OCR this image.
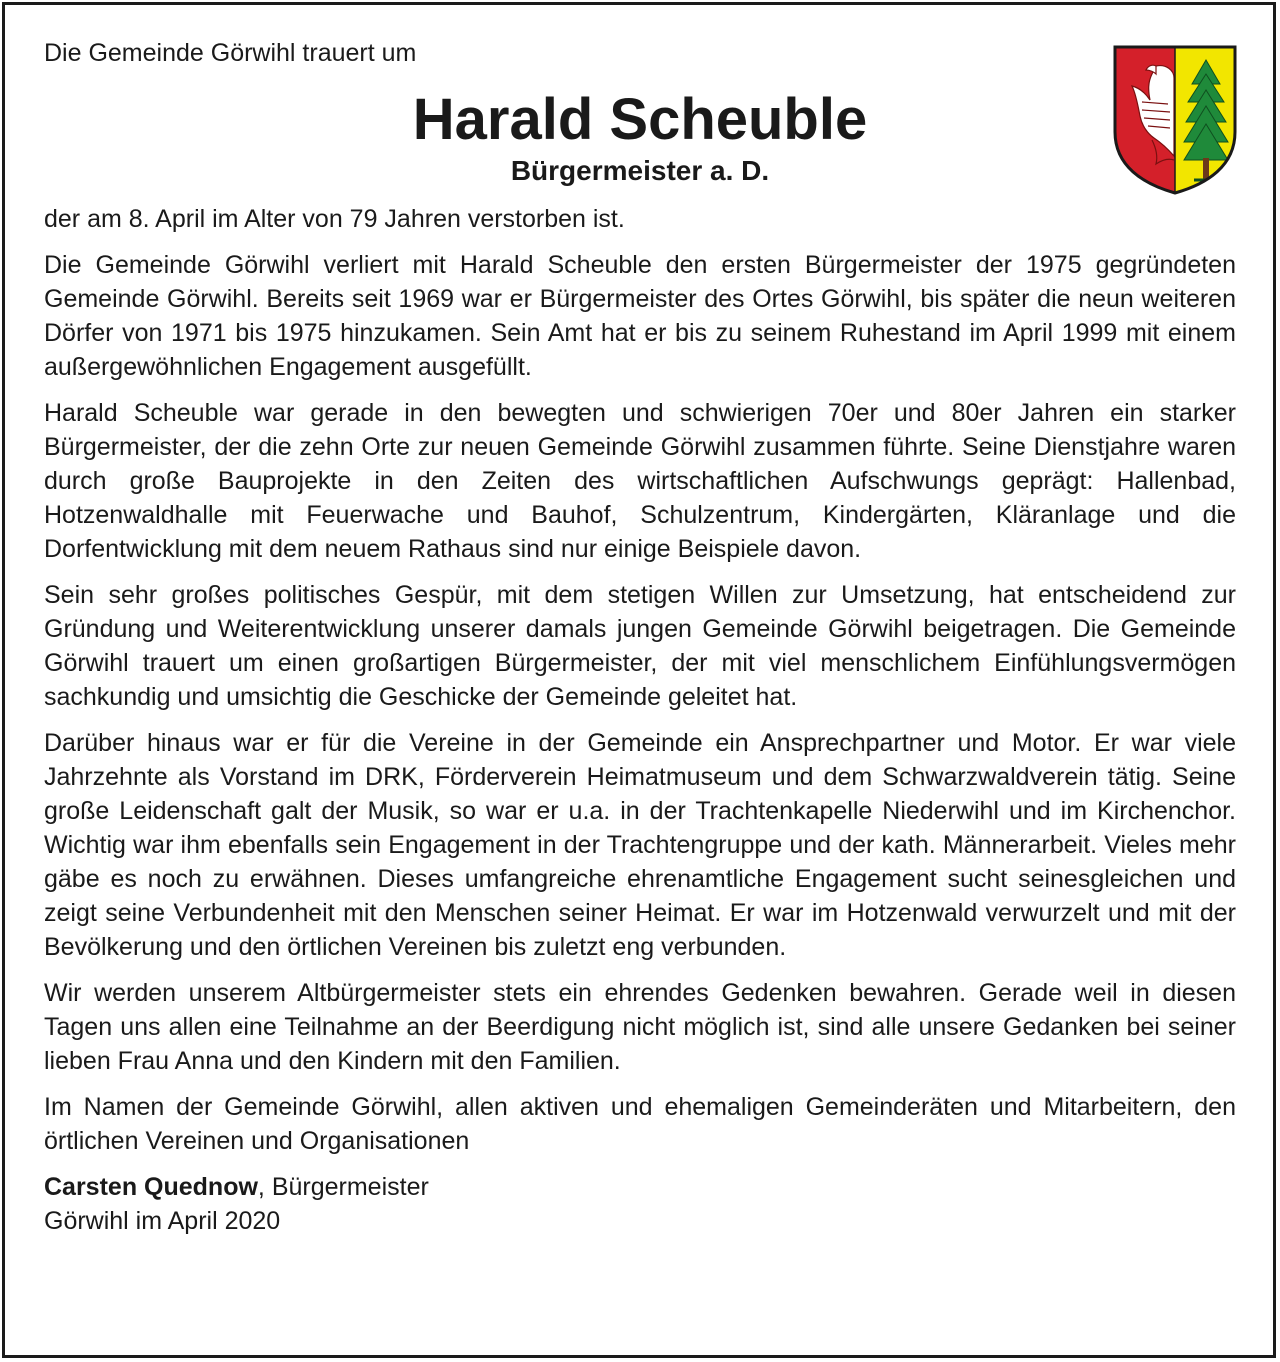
Die Gemeinde Görwihl trauert um

Harald Scheuble
Bürgermeister a. D.

der am 8. April im Alter von 79 Jahren verstorben ist.

Die Gemeinde Görwihl verliert mit Harald Scheuble den ersten Bürgermeister der 1975 gegründeten Gemeinde Görwihl. Bereits seit 1969 war er Bürgermeister des Ortes Görwihl, bis später die neun weiteren Dörfer von 1971 bis 1975 hinzukamen. Sein Amt hat er bis zu seinem Ruhestand im April 1999 mit einem außergewöhnlichen Engagement ausgefüllt.

Harald Scheuble war gerade in den bewegten und schwierigen 70er und 80er Jahren ein starker Bürgermeister, der die zehn Orte zur neuen Gemeinde Görwihl zusammen führte. Seine Dienstjahre waren durch große Bauprojekte in den Zeiten des wirtschaftlichen Aufschwungs geprägt: Hallenbad, Hotzenwaldhalle mit Feuerwache und Bauhof, Schulzentrum, Kindergärten, Kläranlage und die Dorfentwicklung mit dem neuem Rathaus sind nur einige Beispiele davon.

Sein sehr großes politisches Gespür, mit dem stetigen Willen zur Umsetzung, hat entscheidend zur Gründung und Weiterentwicklung unserer damals jungen Gemeinde Görwihl beigetragen. Die Gemeinde Görwihl trauert um einen großartigen Bürgermeister, der mit viel menschlichem Einfühlungsvermögen sachkundig und umsichtig die Geschicke der Gemeinde geleitet hat.

Darüber hinaus war er für die Vereine in der Gemeinde ein Ansprechpartner und Motor. Er war viele Jahrzehnte als Vorstand im DRK, Förderverein Heimatmuseum und dem Schwarzwaldverein tätig. Seine große Leidenschaft galt der Musik, so war er u.a. in der Trachtenkapelle Niederwihl und im Kirchenchor. Wichtig war ihm ebenfalls sein Engagement in der Trachtengruppe und der kath. Männerarbeit. Vieles mehr gäbe es noch zu erwähnen. Dieses umfangreiche ehrenamtliche Engagement sucht seinesgleichen und zeigt seine Verbundenheit mit den Menschen seiner Heimat. Er war im Hotzenwald verwurzelt und mit der Bevölkerung und den örtlichen Vereinen bis zuletzt eng verbunden.

Wir werden unserem Altbürgermeister stets ein ehrendes Gedenken bewahren. Gerade weil in diesen Tagen uns allen eine Teilnahme an der Beerdigung nicht möglich ist, sind alle unsere Gedanken bei seiner lieben Frau Anna und den Kindern mit den Familien.

Im Namen der Gemeinde Görwihl, allen aktiven und ehemaligen Gemeinderäten und Mitarbeitern, den örtlichen Vereinen und Organisationen

Carsten Quednow, Bürgermeister
Görwihl im April 2020
